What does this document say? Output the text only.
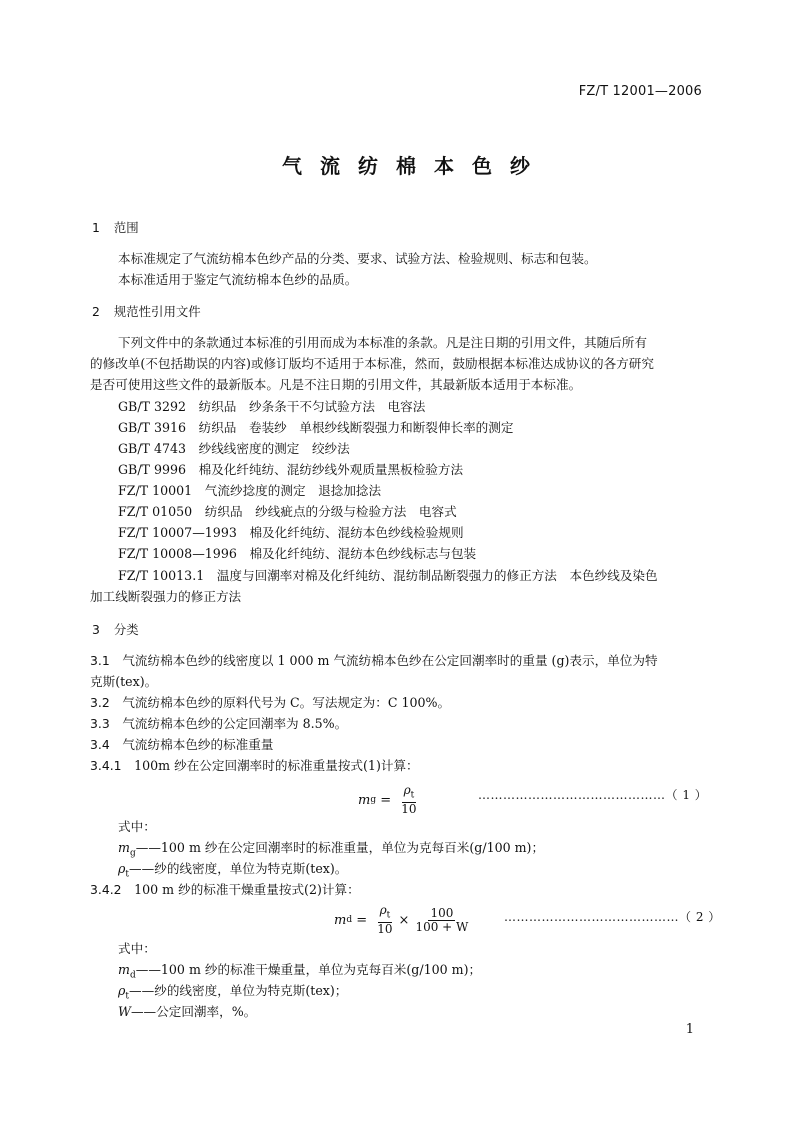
FZ/T 12001—2006
气流纺棉本色纱
1 范围
本标准规定了气流纺棉本色纱产品的分类、要求、试验方法、检验规则、标志和包装。
本标准适用于鉴定气流纺棉本色纱的品质。
2 规范性引用文件
下列文件中的条款通过本标准的引用而成为本标准的条款。凡是注日期的引用文件，其随后所有
的修改单(不包括勘误的内容)或修订版均不适用于本标准，然而，鼓励根据本标准达成协议的各方研究
是否可使用这些文件的最新版本。凡是不注日期的引用文件，其最新版本适用于本标准。
GB/T 3292　 纺织品　纱条条干不匀试验方法　电容法
GB/T 3916　 纺织品　卷装纱　单根纱线断裂强力和断裂伸长率的测定
GB/T 4743　 纱线线密度的测定　绞纱法
GB/T 9996　 棉及化纤纯纺、混纺纱线外观质量黑板检验方法
FZ/T 10001　 气流纱捻度的测定　退捻加捻法
FZ/T 01050　 纺织品　纱线疵点的分级与检验方法　电容式
FZ/T 10007—1993　 棉及化纤纯纺、混纺本色纱线检验规则
FZ/T 10008—1996　 棉及化纤纯纺、混纺本色纱线标志与包装
FZ/T 10013.1　 温度与回潮率对棉及化纤纯纺、混纺制品断裂强力的修正方法　本色纱线及染色
加工线断裂强力的修正方法
3 分类
3.1　 气流纺棉本色纱的线密度以 1 000 m 气流纺棉本色纱在公定回潮率时的重量 (g)表示，单位为特
克斯(tex)。
3.2　 气流纺棉本色纱的原料代号为 C。写法规定为：C 100%。
3.3　 气流纺棉本色纱的公定回潮率为 8.5%。
3.4　 气流纺棉本色纱的标准重量
3.4.1　 100m 纱在公定回潮率时的标准重量按式(1)计算：
m $g = \frac{\rho_t}{10}$	………………………………………（ 1 ）
式中：
$m_g——100$ m 纱在公定回潮率时的标准重量，单位为克每百米(g/100 m)；
$\rho_t——$纱的线密度，单位为特克斯(tex)。
3.4.2　 100 m 纱的标准干燥重量按式(2)计算：
m $d = \frac{\rho_t}{10} \times \frac{100}{100 + W}$	……………………………………（ 2 ）
式中：
$m_d——100$ m 纱的标准干燥重量，单位为克每百米(g/100 m)；
$\rho_t——$纱的线密度，单位为特克斯(tex)；
W——公定回潮率，%。
1
